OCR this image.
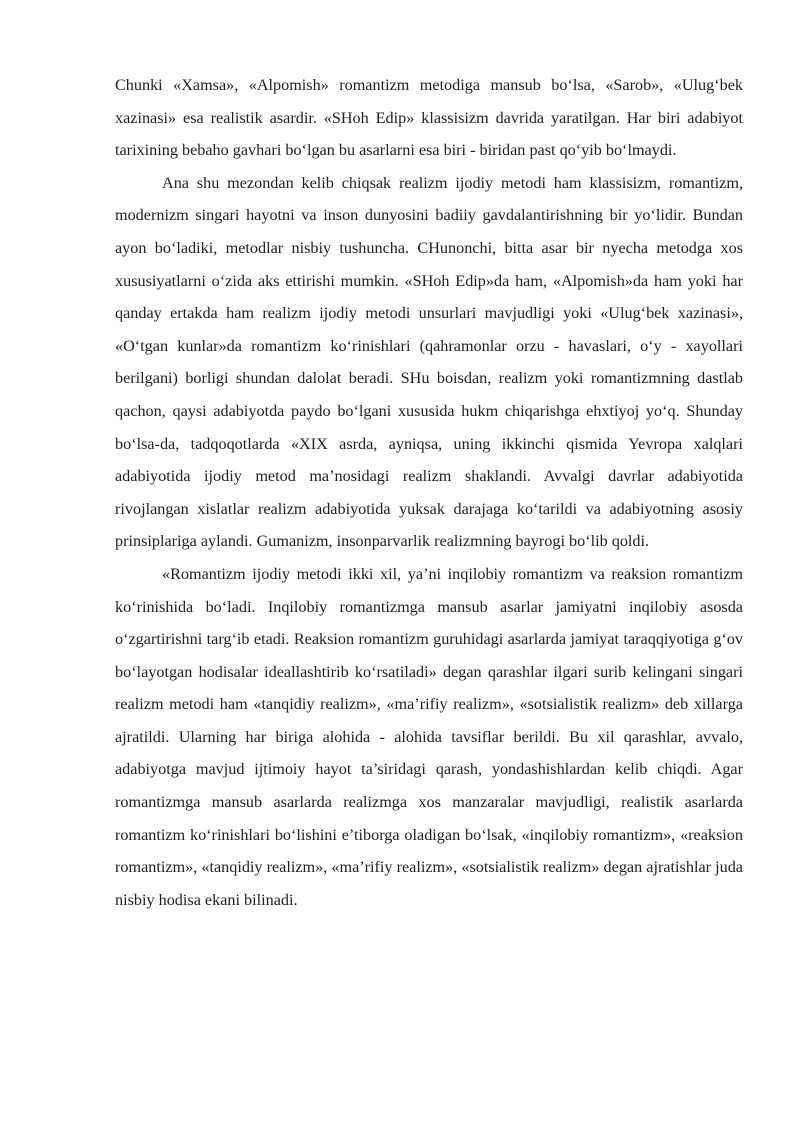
Chunki «Xamsa», «Alpomish» romantizm metodiga mansub bo‘lsa, «Sarob», «Ulug‘bek xazinasi» esa realistik asardir. «SHoh Edip» klassisizm davrida yaratilgan. Har biri adabiyot tarixining bebaho gavhari bo‘lgan bu asarlarni esa biri - biridan past qo‘yib bo‘lmaydi.

Ana shu mezondan kelib chiqsak realizm ijodiy metodi ham klassisizm, romantizm, modernizm singari hayotni va inson dunyosini badiiy gavdalantirishning bir yo‘lidir. Bundan ayon bo‘ladiki, metodlar nisbiy tushuncha. CHunonchi, bitta asar bir nyecha metodga xos xususiyatlarni o‘zida aks ettirishi mumkin. «SHoh Edip»da ham, «Alpomish»da ham yoki har qanday ertakda ham realizm ijodiy metodi unsurlari mavjudligi yoki «Ulug‘bek xazinasi», «O‘tgan kunlar»da romantizm ko‘rinishlari (qahramonlar orzu - havaslari, o‘y - xayollari berilgani) borligi shundan dalolat beradi. SHu boisdan, realizm yoki romantizmning dastlab qachon, qaysi adabiyotda paydo bo‘lgani xususida hukm chiqarishga ehxtiyoj yo‘q. Shunday bo‘lsa-da, tadqoqotlarda «XIX asrda, ayniqsa, uning ikkinchi qismida Yevropa xalqlari adabiyotida ijodiy metod ma’nosidagi realizm shaklandi. Avvalgi davrlar adabiyotida rivojlangan xislatlar realizm adabiyotida yuksak darajaga ko‘tarildi va adabiyotning asosiy prinsiplariga aylandi. Gumanizm, insonparvarlik realizmning bayrogi bo‘lib qoldi.

«Romantizm ijodiy metodi ikki xil, ya’ni inqilobiy romantizm va reaksion romantizm ko‘rinishida bo‘ladi. Inqilobiy romantizmga mansub asarlar jamiyatni inqilobiy asosda o‘zgartirishni targ‘ib etadi. Reaksion romantizm guruhidagi asarlarda jamiyat taraqqiyotiga g‘ov bo‘layotgan hodisalar ideallashtirib ko‘rsatiladi» degan qarashlar ilgari surib kelingani singari realizm metodi ham «tanqidiy realizm», «ma’rifiy realizm», «sotsialistik realizm» deb xillarga ajratildi. Ularning har biriga alohida - alohida tavsiflar berildi. Bu xil qarashlar, avvalo, adabiyotga mavjud ijtimoiy hayot ta’siridagi qarash, yondashishlardan kelib chiqdi. Agar romantizmga mansub asarlarda realizmga xos manzaralar mavjudligi, realistik asarlarda romantizm ko‘rinishlari bo‘lishini e’tiborga oladigan bo‘lsak, «inqilobiy romantizm», «reaksion romantizm», «tanqidiy realizm», «ma’rifiy realizm», «sotsialistik realizm» degan ajratishlar juda nisbiy hodisa ekani bilinadi.
